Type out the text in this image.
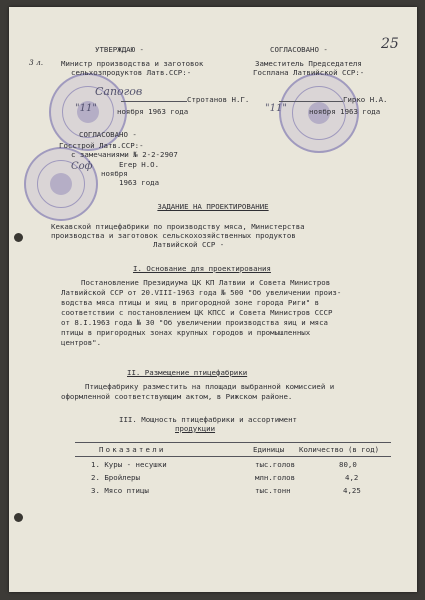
25
3 л.
УТВЕРЖДАЮ -
Министр производства и заготовок
сельхозпродуктов Латв.ССР:-
Сапогов
Стротанов Н.Г.
"11"	ноября 1963 года
СОГЛАСОВАНО -
Заместитель Председателя
Госплана Латвийской ССР:-
Гирко Н.А.
"11"	ноября 1963 года
СОГЛАСОВАНО -
Госстрой Латв.ССР:-
с замечаниями № 2-2-2907
Егер Н.О.
Соф
ноября
1963 года
ЗАДАНИЕ НА ПРОЕКТИРОВАНИЕ
Кекавской птицефабрики по производству мяса, Министерства
производства и заготовок сельскохозяйственных продуктов
Латвийской ССР -
I. Основание для проектирования
Постановление Президиума ЦК КП Латвии и Совета Министров
Латвийской ССР от 20.VIII-1963 года № 500 "Об увеличении произ-
водства мяса птицы и яиц в пригородной зоне города Риги" в
соответствии с постановлением ЦК КПСС и Совета Министров СССР
от 8.I.1963 года № 30 "Об увеличении производства яиц и мяса
птицы в пригородных зонах крупных городов и промышленных
центров".
II. Размещение птицефабрики
Птицефабрику разместить на площади выбранной комиссией и
оформленной соответствующим актом, в Рижском районе.
III. Мощность птицефабрики и ассортимент
продукции
Показатели	Единицы Количество (в год)
1. Куры - несушки	тыс.голов	80,0
2. Бройлеры	млн.голов	4,2
3. Мясо птицы	тыс.тонн	4,25
